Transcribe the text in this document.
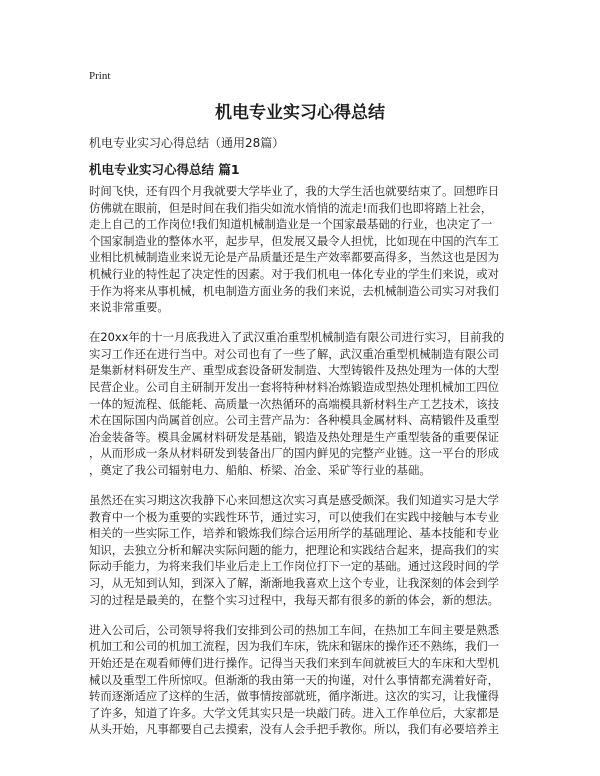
Print
机电专业实习心得总结
机电专业实习心得总结（通用28篇）
机电专业实习心得总结 篇1

时间飞快，还有四个月我就要大学毕业了，我的大学生活也就要结束了。回想昨日
仿佛就在眼前，但是时间在我们指尖如流水悄悄的流走!而我们也即将踏上社会，
走上自己的工作岗位!我们知道机械制造业是一个国家最基础的行业，也决定了一
个国家制造业的整体水平，起步早，但发展又最令人担忧，比如现在中国的汽车工
业相比机械制造业来说无论是产品质量还是生产效率都要高得多，当然这也是因为
机械行业的特性起了决定性的因素。对于我们机电一体化专业的学生们来说，或对
于作为将来从事机械，机电制造方面业务的我们来说，去机械制造公司实习对我们
来说非常重要。

在20xx年的十一月底我进入了武汉重冶重型机械制造有限公司进行实习，目前我的
实习工作还在进行当中。对公司也有了一些了解，武汉重冶重型机械制造有限公司
是集新材料研发生产、重型成套设备研发制造、大型铸锻件及热处理为一体的大型
民营企业。公司自主研制开发出一套将特种材料冶炼锻造成型热处理机械加工四位
一体的短流程、低能耗、高质量一次热循环的高端模具新材料生产工艺技术，该技
术在国际国内尚属首创应。公司主营产品为：各种模具金属材料、高精锻件及重型
冶金装备等。模具金属材料研发是基础，锻造及热处理是生产重型装备的重要保证
，从而形成一条从材料研发到装备出厂的国内鲜见的完整产业链。这一平台的形成
，奠定了我公司辐射电力、船舶、桥梁、冶金、采矿等行业的基础。

虽然还在实习期这次我静下心来回想这次实习真是感受颇深。我们知道实习是大学
教育中一个极为重要的实践性环节，通过实习，可以使我们在实践中接触与本专业
相关的一些实际工作，培养和锻炼我们综合运用所学的基础理论、基本技能和专业
知识，去独立分析和解决实际问题的能力，把理论和实践结合起来，提高我们的实
际动手能力，为将来我们毕业后走上工作岗位打下一定的基础。通过这段时间的学
习，从无知到认知，到深入了解，渐渐地我喜欢上这个专业，让我深刻的体会到学
习的过程是最美的，在整个实习过程中，我每天都有很多的新的体会，新的想法。

进入公司后，公司领导将我们安排到公司的热加工车间，在热加工车间主要是熟悉
机加工和公司的机加工流程，因为我们车床，铣床和锯床的操作还不熟练，我们一
开始还是在观看师傅们进行操作。记得当天我们来到车间就被巨大的车床和大型机
械以及重型工件所惊叹。但渐渐的我由第一天的拘谨，对什么事情都充满着好奇，
转而逐渐适应了这样的生活，做事情按部就班，循序渐进。这次的实习，让我懂得
了许多，知道了许多。大学文凭其实只是一块敲门砖。进入工作单位后，大家都是
从头开始，凡事都要自己去摸索，没有人会手把手教你。所以，我们有必要培养主
